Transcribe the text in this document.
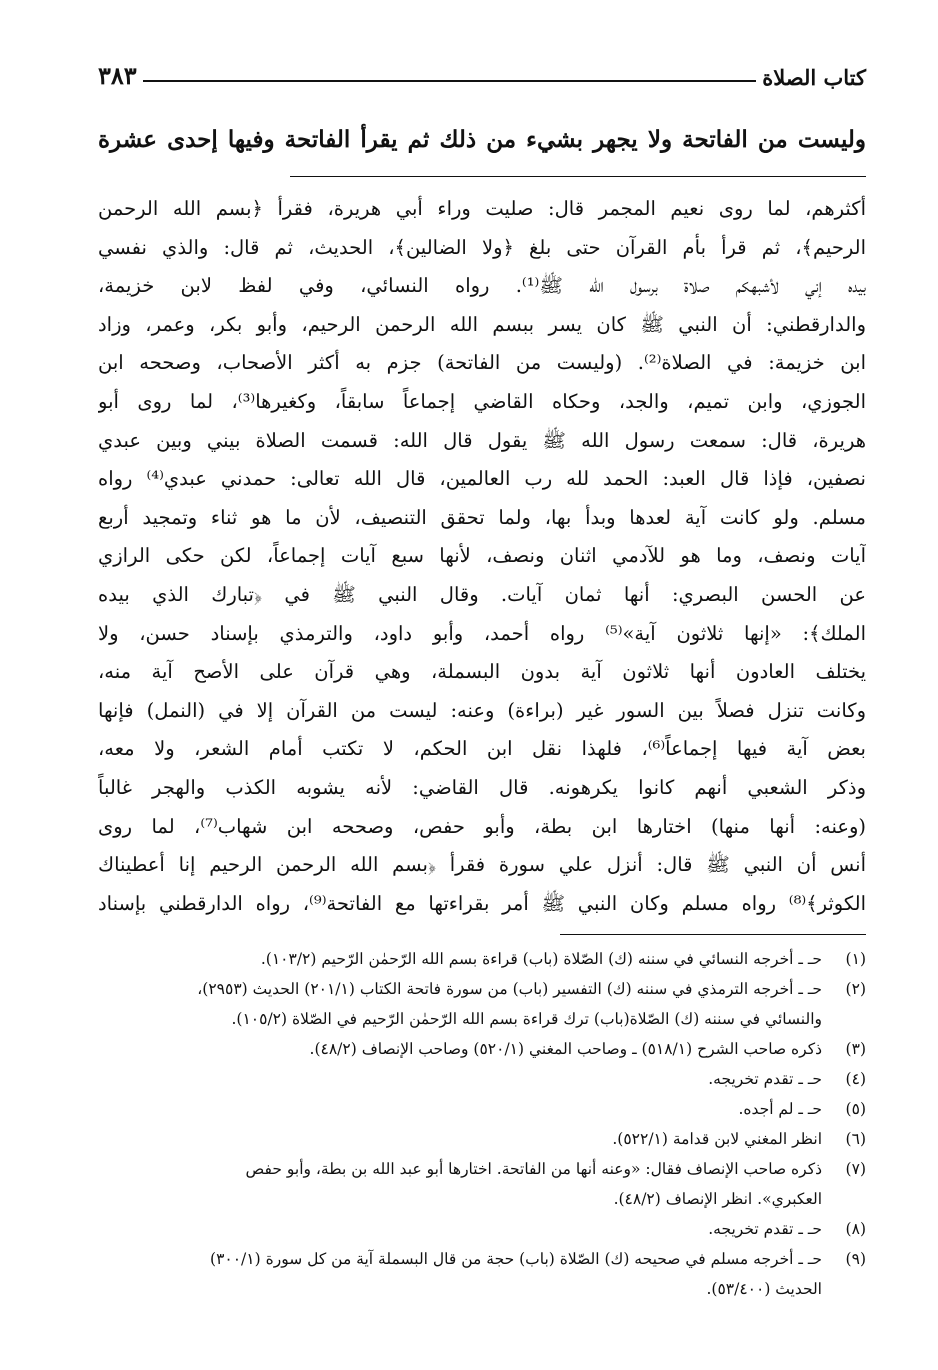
كتاب الصلاة
٣٨٣
وليست من الفاتحة ولا يجهر بشيء من ذلك ثم يقرأ الفاتحة وفيها إحدى عشرة
أكثرهم، لما روى نعيم المجمر قال: صليت وراء أبي هريرة، فقرأ ﴿بسم الله الرحمن
الرحيم﴾، ثم قرأ بأم القرآن حتى بلغ ﴿ولا الضالين﴾، الحديث، ثم قال: والذي نفسي
بيده إني لأشبهكم صلاة برسول الله ﷺ⁽¹⁾. رواه النسائي، وفي لفظ لابن خزيمة،
والدارقطني: أن النبي ﷺ كان يسر ببسم الله الرحمن الرحيم، وأبو بكر، وعمر، وزاد
ابن خزيمة: في الصلاة⁽²⁾. (وليست من الفاتحة) جزم به أكثر الأصحاب، وصححه ابن
الجوزي، وابن تميم، والجد، وحكاه القاضي إجماعاً سابقاً، وكغيرها⁽³⁾، لما روى أبو
هريرة، قال: سمعت رسول الله ﷺ يقول قال الله: قسمت الصلاة بيني وبين عبدي
نصفين، فإذا قال العبد: الحمد لله رب العالمين، قال الله تعالى: حمدني عبدي⁽⁴⁾ رواه
مسلم. ولو كانت آية لعدها وبدأ بها، ولما تحقق التنصيف، لأن ما هو ثناء وتمجيد أربع
آيات ونصف، وما هو للآدمي اثنان ونصف، لأنها سبع آيات إجماعاً، لكن حكى الرازي
عن الحسن البصري: أنها ثمان آيات. وقال النبي ﷺ في ﴿تبارك الذي بيده
الملك﴾: «إنها ثلاثون آية»⁽⁵⁾ رواه أحمد، وأبو داود، والترمذي بإسناد حسن، ولا
يختلف العادون أنها ثلاثون آية بدون البسملة، وهي قرآن على الأصح آية منه،
وكانت تنزل فصلاً بين السور غير (براءة) وعنه: ليست من القرآن إلا في (النمل) فإنها
بعض آية فيها إجماعاً⁽⁶⁾، فلهذا نقل ابن الحكم، لا تكتب أمام الشعر، ولا معه،
وذكر الشعبي أنهم كانوا يكرهونه. قال القاضي: لأنه يشوبه الكذب والهجر غالباً
(وعنه: أنها منها) اختارها ابن بطة، وأبو حفص، وصححه ابن شهاب⁽⁷⁾، لما روى
أنس أن النبي ﷺ قال: أنزل علي سورة فقرأ ﴿بسم الله الرحمن الرحيم إنا أعطيناك
الكوثر﴾⁽⁸⁾ رواه مسلم وكان النبي ﷺ أمر بقراءتها مع الفاتحة⁽⁹⁾، رواه الدارقطني بإسناد
(١)
حـ ـ أخرجه النسائي في سننه (ك) الصّلاة (باب) قراءة بسم الله الرّحمٰن الرّحيم (١٠٣/٢).
(٢)
حـ ـ أخرجه الترمذي في سننه (ك) التفسير (باب) من سورة فاتحة الكتاب (٢٠١/١) الحديث (٢٩٥٣)،
والنسائي في سننه (ك) الصّلاة(باب) ترك قراءة بسم الله الرّحمٰن الرّحيم في الصّلاة (١٠٥/٢).
(٣)
ذكره صاحب الشرح (٥١٨/١) ـ وصاحب المغني (٥٢٠/١) وصاحب الإنصاف (٤٨/٢).
(٤)
حـ ـ تقدم تخريجه.
(٥)
حـ ـ لم أجده.
(٦)
انظر المغني لابن قدامة (٥٢٢/١).
(٧)
ذكره صاحب الإنصاف فقال: «وعنه أنها من الفاتحة. اختارها أبو عبد الله بن بطة، وأبو حفص
العكبري». انظر الإنصاف (٤٨/٢).
(٨)
حـ ـ تقدم تخريجه.
(٩)
حـ ـ أخرجه مسلم في صحيحه (ك) الصّلاة (باب) حجة من قال البسملة آية من كل سورة (٣٠٠/١)
الحديث (٥٣/٤٠٠).
